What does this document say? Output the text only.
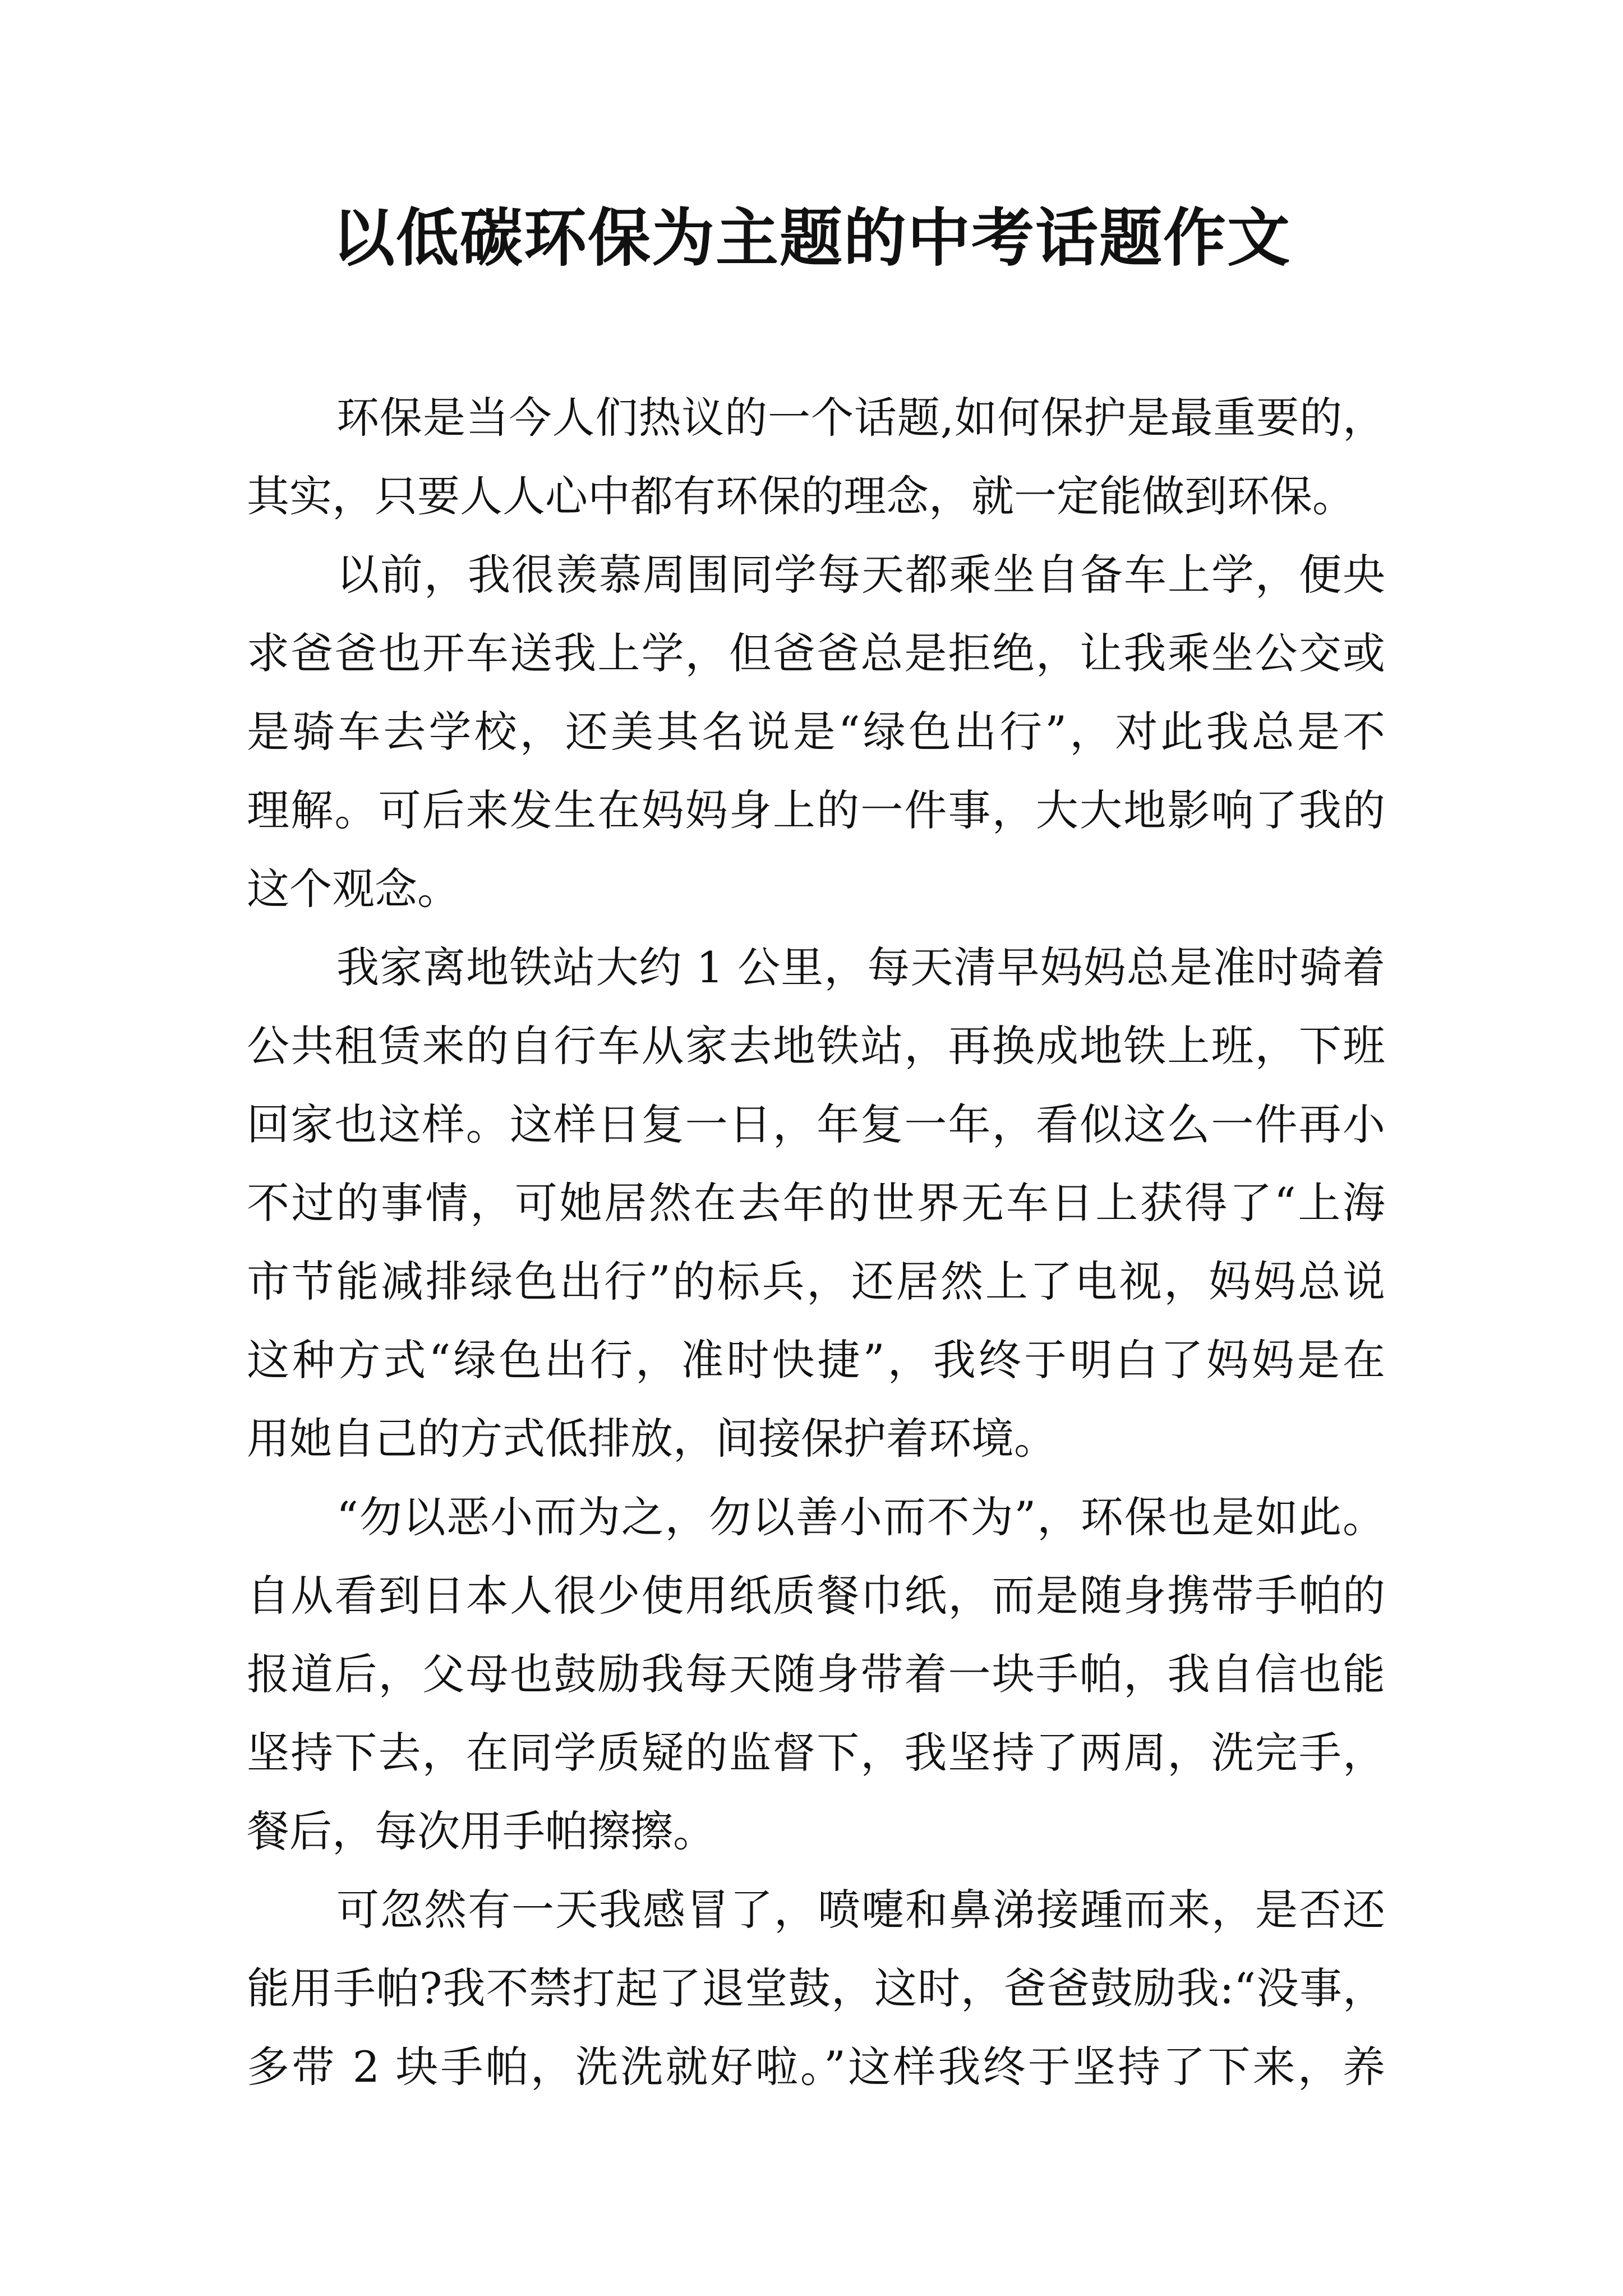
以低碳环保为主题的中考话题作文
环保是当今人们热议的一个话题,如何保护是最重要的，
其实，只要人人心中都有环保的理念，就一定能做到环保。
以前，我很羡慕周围同学每天都乘坐自备车上学，便央
求爸爸也开车送我上学，但爸爸总是拒绝，让我乘坐公交或
是骑车去学校，还美其名说是“绿色出行”，对此我总是不
理解。可后来发生在妈妈身上的一件事，大大地影响了我的
这个观念。
我家离地铁站大约 1 公里，每天清早妈妈总是准时骑着
公共租赁来的自行车从家去地铁站，再换成地铁上班，下班
回家也这样。这样日复一日，年复一年，看似这么一件再小
不过的事情，可她居然在去年的世界无车日上获得了“上海
市节能减排绿色出行”的标兵，还居然上了电视，妈妈总说
这种方式“绿色出行，准时快捷”，我终于明白了妈妈是在
用她自己的方式低排放，间接保护着环境。
“勿以恶小而为之，勿以善小而不为”，环保也是如此。
自从看到日本人很少使用纸质餐巾纸，而是随身携带手帕的
报道后，父母也鼓励我每天随身带着一块手帕，我自信也能
坚持下去，在同学质疑的监督下，我坚持了两周，洗完手，
餐后，每次用手帕擦擦。
可忽然有一天我感冒了，喷嚏和鼻涕接踵而来，是否还
能用手帕?我不禁打起了退堂鼓，这时，爸爸鼓励我:“没事，
多带 2 块手帕，洗洗就好啦。”这样我终于坚持了下来，养
